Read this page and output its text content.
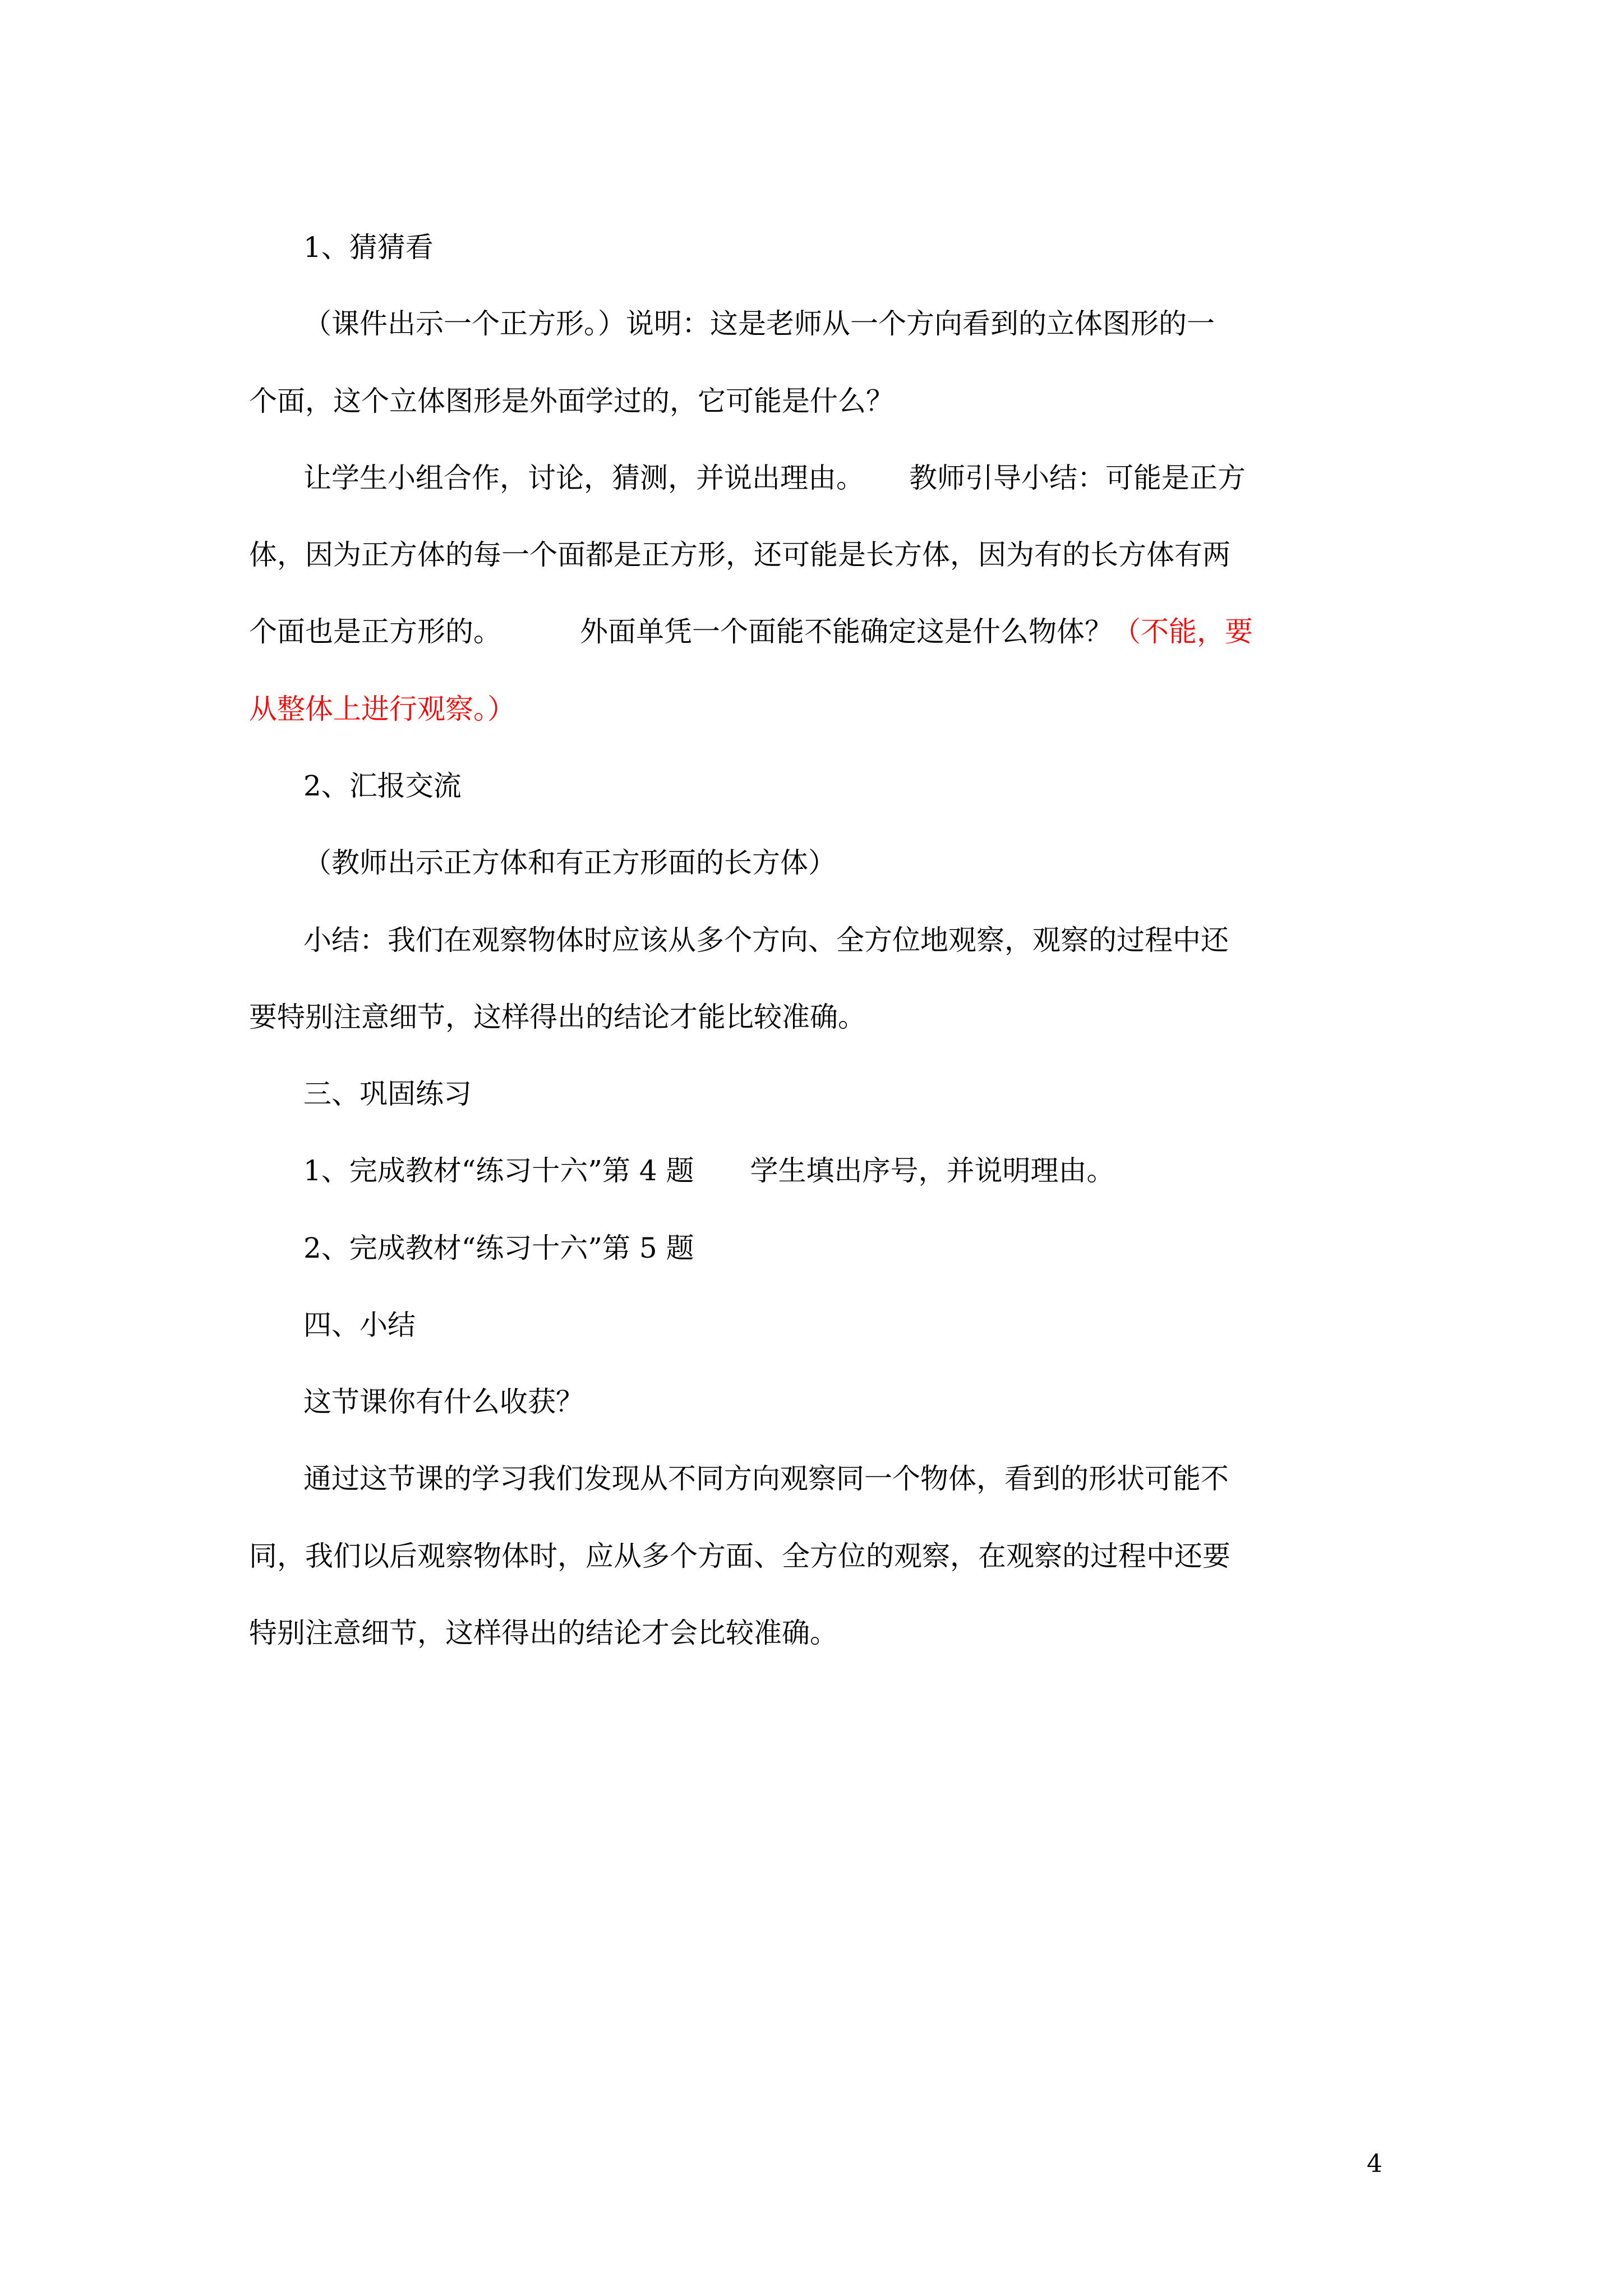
1、猜猜看

（课件出示一个正方形。）说明：这是老师从一个方向看到的立体图形的一

个面，这个立体图形是外面学过的，它可能是什么？

让学生小组合作，讨论，猜测，并说出理由。 教师引导小结：可能是正方

体，因为正方体的每一个面都是正方形，还可能是长方体，因为有的长方体有两

个面也是正方形的。	外面单凭一个面能不能确定这是什么物体？（不能，要

从整体上进行观察。）

2、汇报交流

（教师出示正方体和有正方形面的长方体）

小结：我们在观察物体时应该从多个方向、全方位地观察，观察的过程中还

要特别注意细节，这样得出的结论才能比较准确。

三、巩固练习

1、完成教材“练习十六”第 4 题 学生填出序号，并说明理由。

2、完成教材“练习十六”第 5 题

四、小结

这节课你有什么收获？

通过这节课的学习我们发现从不同方向观察同一个物体，看到的形状可能不

同，我们以后观察物体时，应从多个方面、全方位的观察，在观察的过程中还要

特别注意细节，这样得出的结论才会比较准确。

4
